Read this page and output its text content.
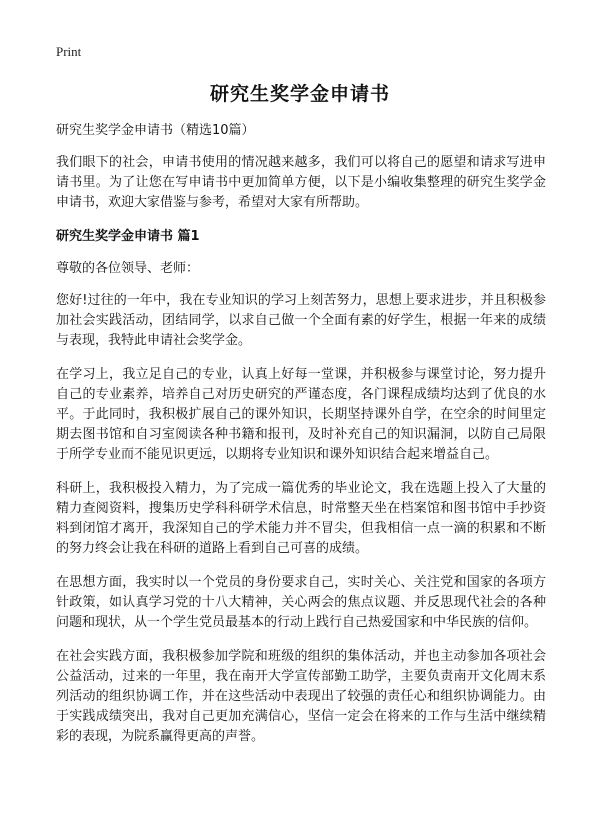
Print
研究生奖学金申请书

研究生奖学金申请书（精选10篇）

我们眼下的社会，申请书使用的情况越来越多，我们可以将自己的愿望和请求写进申请书里。为了让您在写申请书中更加简单方便，以下是小编收集整理的研究生奖学金申请书，欢迎大家借鉴与参考，希望对大家有所帮助。

研究生奖学金申请书 篇1

尊敬的各位领导、老师：

您好!过往的一年中，我在专业知识的学习上刻苦努力，思想上要求进步，并且积极参加社会实践活动，团结同学，以求自己做一个全面有素的好学生，根据一年来的成绩与表现，我特此申请社会奖学金。

在学习上，我立足自己的专业，认真上好每一堂课，并积极参与课堂讨论，努力提升自己的专业素养，培养自己对历史研究的严谨态度，各门课程成绩均达到了优良的水平。于此同时，我积极扩展自己的课外知识，长期坚持课外自学，在空余的时间里定期去图书馆和自习室阅读各种书籍和报刊，及时补充自己的知识漏洞，以防自己局限于所学专业而不能见识更远，以期将专业知识和课外知识结合起来增益自己。

科研上，我积极投入精力，为了完成一篇优秀的毕业论文，我在选题上投入了大量的精力查阅资料，搜集历史学科科研学术信息，时常整天坐在档案馆和图书馆中手抄资料到闭馆才离开，我深知自己的学术能力并不冒尖，但我相信一点一滴的积累和不断的努力终会让我在科研的道路上看到自己可喜的成绩。

在思想方面，我实时以一个党员的身份要求自己，实时关心、关注党和国家的各项方针政策，如认真学习党的十八大精神，关心两会的焦点议题、并反思现代社会的各种问题和现状，从一个学生党员最基本的行动上践行自己热爱国家和中华民族的信仰。

在社会实践方面，我积极参加学院和班级的组织的集体活动，并也主动参加各项社会公益活动，过来的一年里，我在南开大学宣传部勤工助学，主要负责南开文化周末系列活动的组织协调工作，并在这些活动中表现出了较强的责任心和组织协调能力。由于实践成绩突出，我对自己更加充满信心，坚信一定会在将来的工作与生活中继续精彩的表现，为院系赢得更高的声誉。
